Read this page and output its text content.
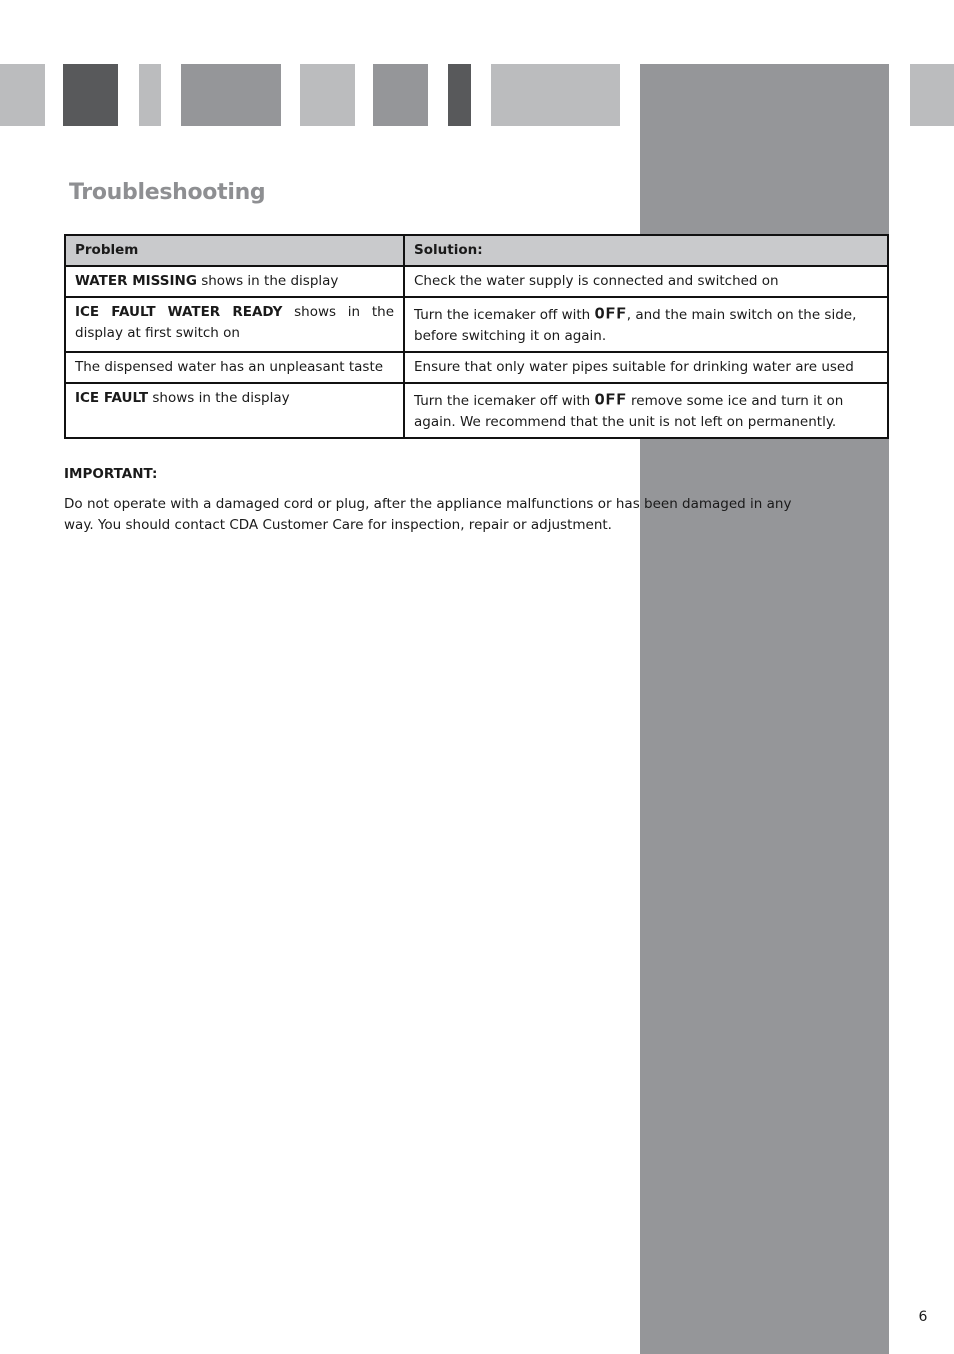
Troubleshooting
Problem	Solution:
WATER MISSING shows in the display	Check the water supply is connected and switched on
ICE FAULT WATER READY shows in the display at first switch on	Turn the icemaker off with OFF, and the main switch on the side, before switching it on again.
The dispensed water has an unpleasant taste	Ensure that only water pipes suitable for drinking water are used
ICE FAULT shows in the display	Turn the icemaker off with OFF remove some ice and turn it on again. We recommend that the unit is not left on permanently.

IMPORTANT:

Do not operate with a damaged cord or plug, after the appliance malfunctions or has been damaged in any way. You should contact CDA Customer Care for inspection, repair or adjustment.

6
